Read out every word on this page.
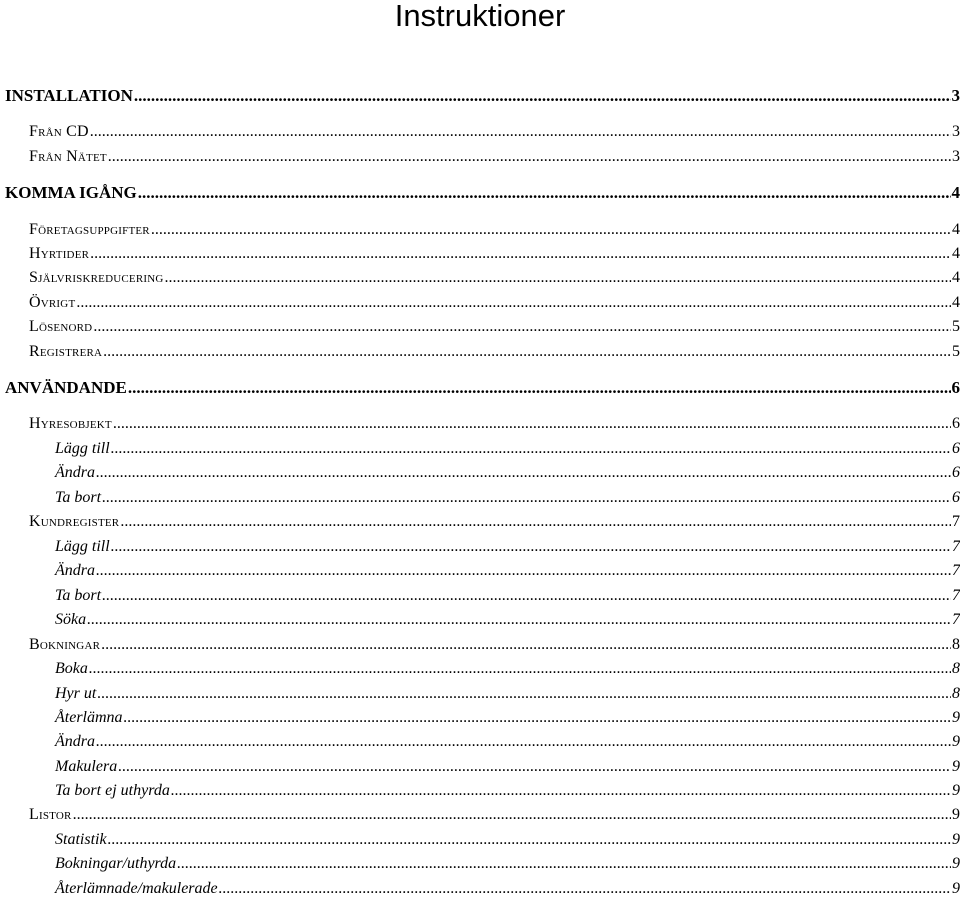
Instruktioner
INSTALLATION .....	3
Från CD .....	3
Från Nätet .....	3
KOMMA IGÅNG .....	4
Företagsuppgifter .....	4
Hyrtider .....	4
Självriskreducering .....	4
Övrigt .....	4
Lösenord .....	5
Registrera .....	5
ANVÄNDANDE .....	6
Hyresobjekt .....	6
Lägg till .....	6
Ändra .....	6
Ta bort .....	6
Kundregister .....	7
Lägg till .....	7
Ändra .....	7
Ta bort .....	7
Söka .....	7
Bokningar .....	8
Boka .....	8
Hyr ut .....	8
Återlämna .....	9
Ändra .....	9
Makulera .....	9
Ta bort ej uthyrda .....	9
Listor .....	9
Statistik .....	9
Bokningar/uthyrda .....	9
Återlämnade/makulerade .....	9
